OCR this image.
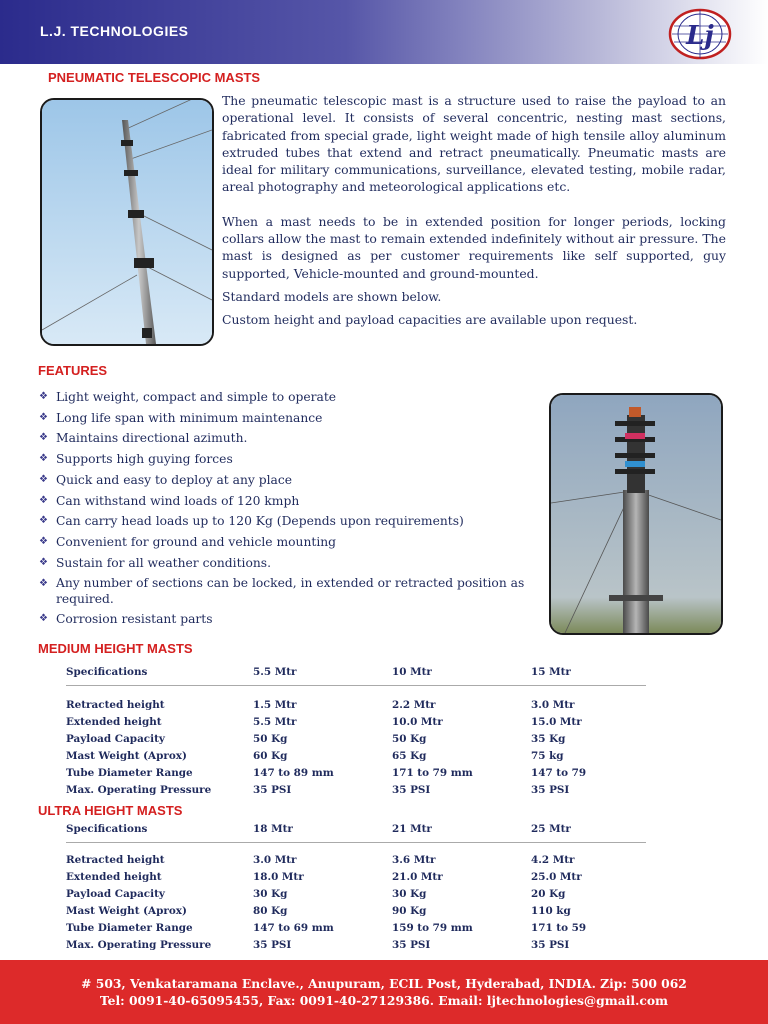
L.J. TECHNOLOGIES	Lj
PNEUMATIC TELESCOPIC MASTS

The pneumatic telescopic mast is a structure used to raise the payload to an operational level. It consists of several concentric, nesting mast sections, fabricated from special grade, light weight made of high tensile alloy aluminum extruded tubes that extend and retract pneumatically. Pneumatic masts are ideal for military communications, surveillance, elevated testing, mobile radar, areal photography and meteorological applications etc.

When a mast needs to be in extended position for longer periods, locking collars allow the mast to remain extended indefinitely without air pressure. The mast is designed as per customer requirements like self supported, guy supported, Vehicle-mounted and ground-mounted.

Standard models are shown below.

Custom height and payload capacities are available upon request.

FEATURES
❖ Light weight, compact and simple to operate
❖ Long life span with minimum maintenance
❖ Maintains directional azimuth.
❖ Supports high guying forces
❖ Quick and easy to deploy at any place
❖ Can withstand wind loads of 120 kmph
❖ Can carry head loads up to 120 Kg (Depends upon requirements)
❖ Convenient for ground and vehicle mounting
❖ Sustain for all weather conditions.
❖ Any number of sections can be locked, in extended or retracted position as required.
❖ Corrosion resistant parts
MEDIUM HEIGHT MASTS
Specifications	5.5 Mtr	10 Mtr	15 Mtr

Retracted height	1.5 Mtr	2.2 Mtr	3.0 Mtr
Extended height	5.5 Mtr	10.0 Mtr	15.0 Mtr
Payload Capacity	50 Kg	50 Kg	35 Kg
Mast Weight (Aprox)	60 Kg	65 Kg	75 kg
Tube Diameter Range	147 to 89 mm	171 to 79 mm	147 to 79
Max. Operating Pressure	35 PSI	35 PSI	35 PSI
ULTRA HEIGHT MASTS
Specifications	18 Mtr	21 Mtr	25 Mtr

Retracted height	3.0 Mtr	3.6 Mtr	4.2 Mtr
Extended height	18.0 Mtr	21.0 Mtr	25.0 Mtr
Payload Capacity	30 Kg	30 Kg	20 Kg
Mast Weight (Aprox)	80 Kg	90 Kg	110 kg
Tube Diameter Range	147 to 69 mm	159 to 79 mm	171 to 59
Max. Operating Pressure	35 PSI	35 PSI	35 PSI
# 503, Venkataramana Enclave., Anupuram, ECIL Post, Hyderabad, INDIA. Zip: 500 062
Tel: 0091-40-65095455, Fax: 0091-40-27129386. Email: ljtechnologies@gmail.com
